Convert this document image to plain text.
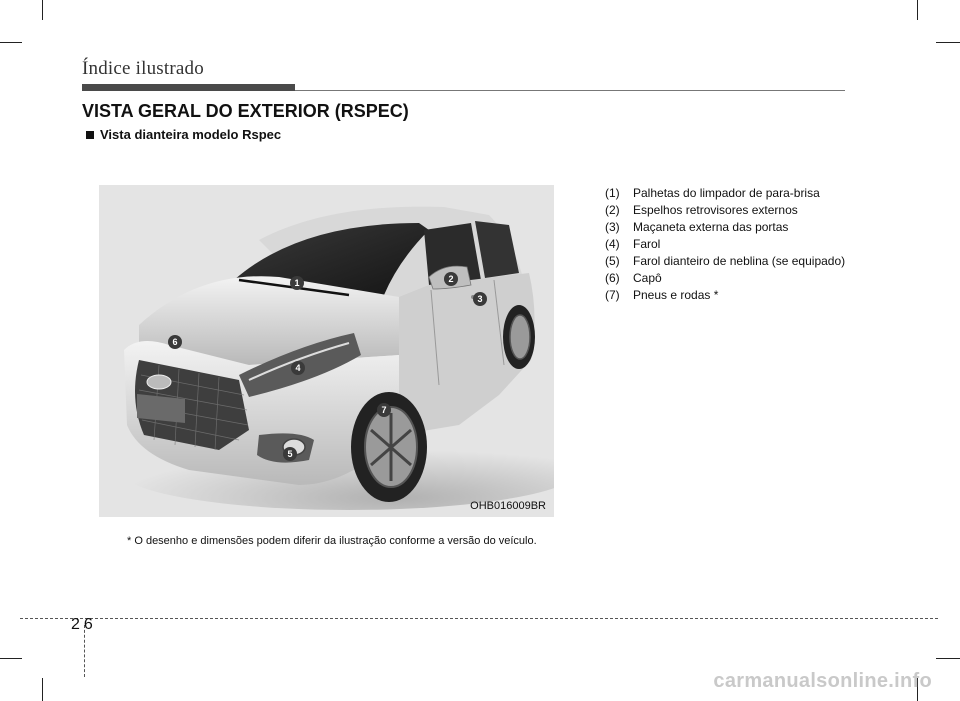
Índice ilustrado
VISTA GERAL DO EXTERIOR (RSPEC)
Vista dianteira modelo Rspec
1	2
3
4
5
6
7
OHB016009BR
* O desenho e dimensões podem diferir da ilustração conforme a versão do veículo.
(1)	Palhetas do limpador de para-brisa
(2)	Espelhos retrovisores externos
(3)	Maçaneta externa das portas
(4)	Farol
(5)	Farol dianteiro de neblina (se equipado)
(6)	Capô
(7)	Pneus e rodas *
2 6
carmanualsonline.info
